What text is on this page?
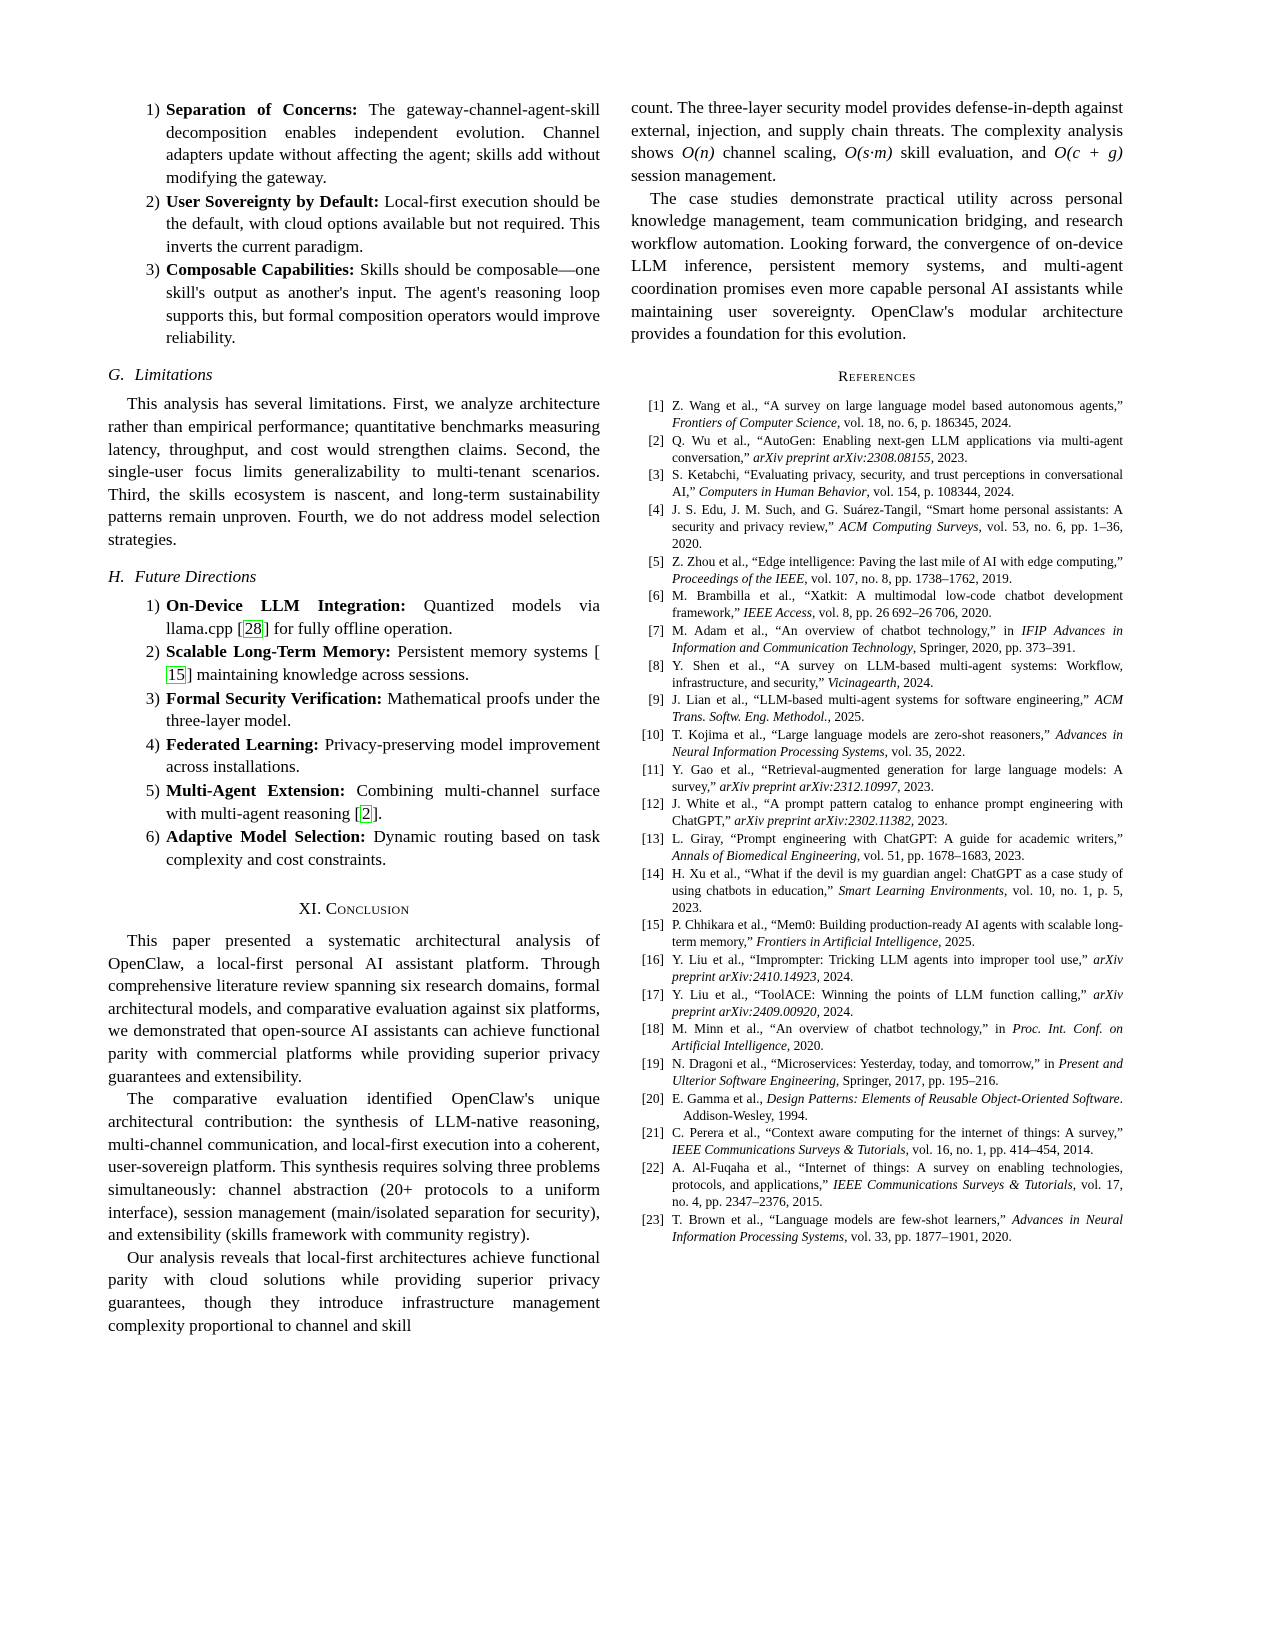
1) Separation of Concerns: The gateway-channel-agent-skill decomposition enables independent evolution. Channel adapters update without affecting the agent; skills add without modifying the gateway.
2) User Sovereignty by Default: Local-first execution should be the default, with cloud options available but not required. This inverts the current paradigm.
3) Composable Capabilities: Skills should be composable—one skill's output as another's input. The agent's reasoning loop supports this, but formal composition operators would improve reliability.
G. Limitations

This analysis has several limitations. First, we analyze architecture rather than empirical performance; quantitative benchmarks measuring latency, throughput, and cost would strengthen claims. Second, the single-user focus limits generalizability to multi-tenant scenarios. Third, the skills ecosystem is nascent, and long-term sustainability patterns remain unproven. Fourth, we do not address model selection strategies.

H. Future Directions
1) On-Device LLM Integration: Quantized models via llama.cpp [ 28 ] for fully offline operation.
2) Scalable Long-Term Memory: Persistent memory systems [15 ] maintaining knowledge across sessions.
3) Formal Security Verification: Mathematical proofs under the three-layer model.
4) Federated Learning: Privacy-preserving model improvement across installations.
5) Multi-Agent Extension: Combining multi-channel surface with multi-agent reasoning [ 2 ].
6) Adaptive Model Selection: Dynamic routing based on task complexity and cost constraints.
XI. Conclusion

This paper presented a systematic architectural analysis of OpenClaw, a local-first personal AI assistant platform. Through comprehensive literature review spanning six research domains, formal architectural models, and comparative evaluation against six platforms, we demonstrated that open-source AI assistants can achieve functional parity with commercial platforms while providing superior privacy guarantees and extensibility.

The comparative evaluation identified OpenClaw's unique architectural contribution: the synthesis of LLM-native reasoning, multi-channel communication, and local-first execution into a coherent, user-sovereign platform. This synthesis requires solving three problems simultaneously: channel abstraction (20+ protocols to a uniform interface), session management (main/isolated separation for security), and extensibility (skills framework with community registry).

Our analysis reveals that local-first architectures achieve functional parity with cloud solutions while providing superior privacy guarantees, though they introduce infrastructure management complexity proportional to channel and skill

count. The three-layer security model provides defense-in-depth against external, injection, and supply chain threats. The complexity analysis shows O(n) channel scaling, O(s·m) skill evaluation, and O(c + g) session management.

The case studies demonstrate practical utility across personal knowledge management, team communication bridging, and research workflow automation. Looking forward, the convergence of on-device LLM inference, persistent memory systems, and multi-agent coordination promises even more capable personal AI assistants while maintaining user sovereignty. OpenClaw's modular architecture provides a foundation for this evolution.

References
[1] Z. Wang et al., “A survey on large language model based autonomous agents,” Frontiers of Computer Science, vol. 18, no. 6, p. 186345, 2024.
[2] Q. Wu et al., “AutoGen: Enabling next-gen LLM applications via multi-agent conversation,” arXiv preprint arXiv:2308.08155, 2023.
[3] S. Ketabchi, “Evaluating privacy, security, and trust perceptions in conversational AI,” Computers in Human Behavior, vol. 154, p. 108344, 2024.
[4] J. S. Edu, J. M. Such, and G. Suárez-Tangil, “Smart home personal assistants: A security and privacy review,” ACM Computing Surveys, vol. 53, no. 6, pp. 1–36, 2020.
[5] Z. Zhou et al., “Edge intelligence: Paving the last mile of AI with edge computing,” Proceedings of the IEEE, vol. 107, no. 8, pp. 1738–1762, 2019.
[6] M. Brambilla et al., “Xatkit: A multimodal low-code chatbot development framework,” IEEE Access, vol. 8, pp. 26 692–26 706, 2020.
[7] M. Adam et al., “An overview of chatbot technology,” in IFIP Advances in Information and Communication Technology, Springer, 2020, pp. 373–391.
[8] Y. Shen et al., “A survey on LLM-based multi-agent systems: Workflow, infrastructure, and security,” Vicinagearth, 2024.
[9] J. Lian et al., “LLM-based multi-agent systems for software engineering,” ACM Trans. Softw. Eng. Methodol., 2025.
[10] T. Kojima et al., “Large language models are zero-shot reasoners,” Advances in Neural Information Processing Systems, vol. 35, 2022.
[11] Y. Gao et al., “Retrieval-augmented generation for large language models: A survey,” arXiv preprint arXiv:2312.10997, 2023.
[12] J. White et al., “A prompt pattern catalog to enhance prompt engineering with ChatGPT,” arXiv preprint arXiv:2302.11382, 2023.
[13] L. Giray, “Prompt engineering with ChatGPT: A guide for academic writers,” Annals of Biomedical Engineering, vol. 51, pp. 1678–1683, 2023.
[14] H. Xu et al., “What if the devil is my guardian angel: ChatGPT as a case study of using chatbots in education,” Smart Learning Environments, vol. 10, no. 1, p. 5, 2023.
[15] P. Chhikara et al., “Mem0: Building production-ready AI agents with scalable long-term memory,” Frontiers in Artificial Intelligence, 2025.
[16] Y. Liu et al., “Imprompter: Tricking LLM agents into improper tool use,” arXiv preprint arXiv:2410.14923, 2024.
[17] Y. Liu et al., “ToolACE: Winning the points of LLM function calling,” arXiv preprint arXiv:2409.00920, 2024.
[18] M. Minn et al., “An overview of chatbot technology,” in Proc. Int. Conf. on Artificial Intelligence, 2020.
[19] N. Dragoni et al., “Microservices: Yesterday, today, and tomorrow,” in Present and Ulterior Software Engineering, Springer, 2017, pp. 195–216.
[20] E. Gamma et al., Design Patterns: Elements of Reusable Object-Oriented Software.Addison-Wesley, 1994.
[21] C. Perera et al., “Context aware computing for the internet of things: A survey,” IEEE Communications Surveys & Tutorials, vol. 16, no. 1, pp. 414–454, 2014.
[22] A. Al-Fuqaha et al., “Internet of things: A survey on enabling technologies, protocols, and applications,” IEEE Communications Surveys & Tutorials, vol. 17, no. 4, pp. 2347–2376, 2015.
[23] T. Brown et al., “Language models are few-shot learners,” Advances in Neural Information Processing Systems, vol. 33, pp. 1877–1901, 2020.
